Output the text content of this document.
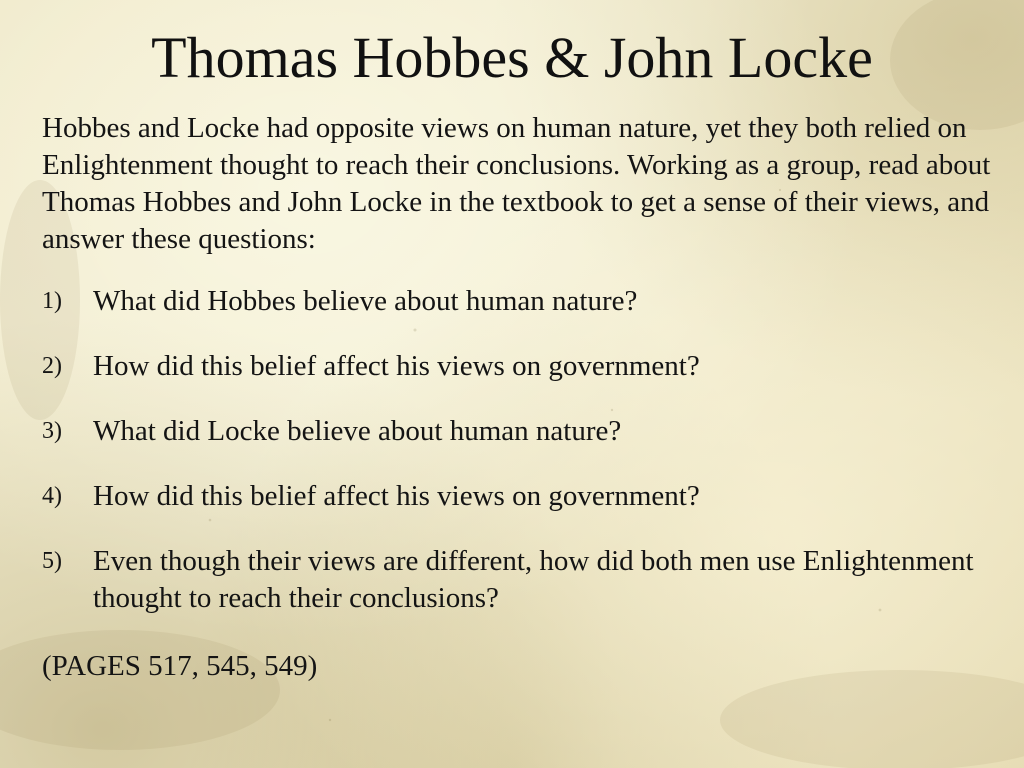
Thomas Hobbes & John Locke

Hobbes and Locke had opposite views on human nature, yet they both relied on Enlightenment thought to reach their conclusions. Working as a group, read about Thomas Hobbes and John Locke in the textbook to get a sense of their views, and answer these questions:

1)	What did Hobbes believe about human nature?
2)	How did this belief affect his views on government?
3)	What did Locke believe about human nature?
4)	How did this belief affect his views on government?
5)	Even though their views are different, how did both men use Enlightenment thought to reach their conclusions?

(PAGES 517, 545, 549)
